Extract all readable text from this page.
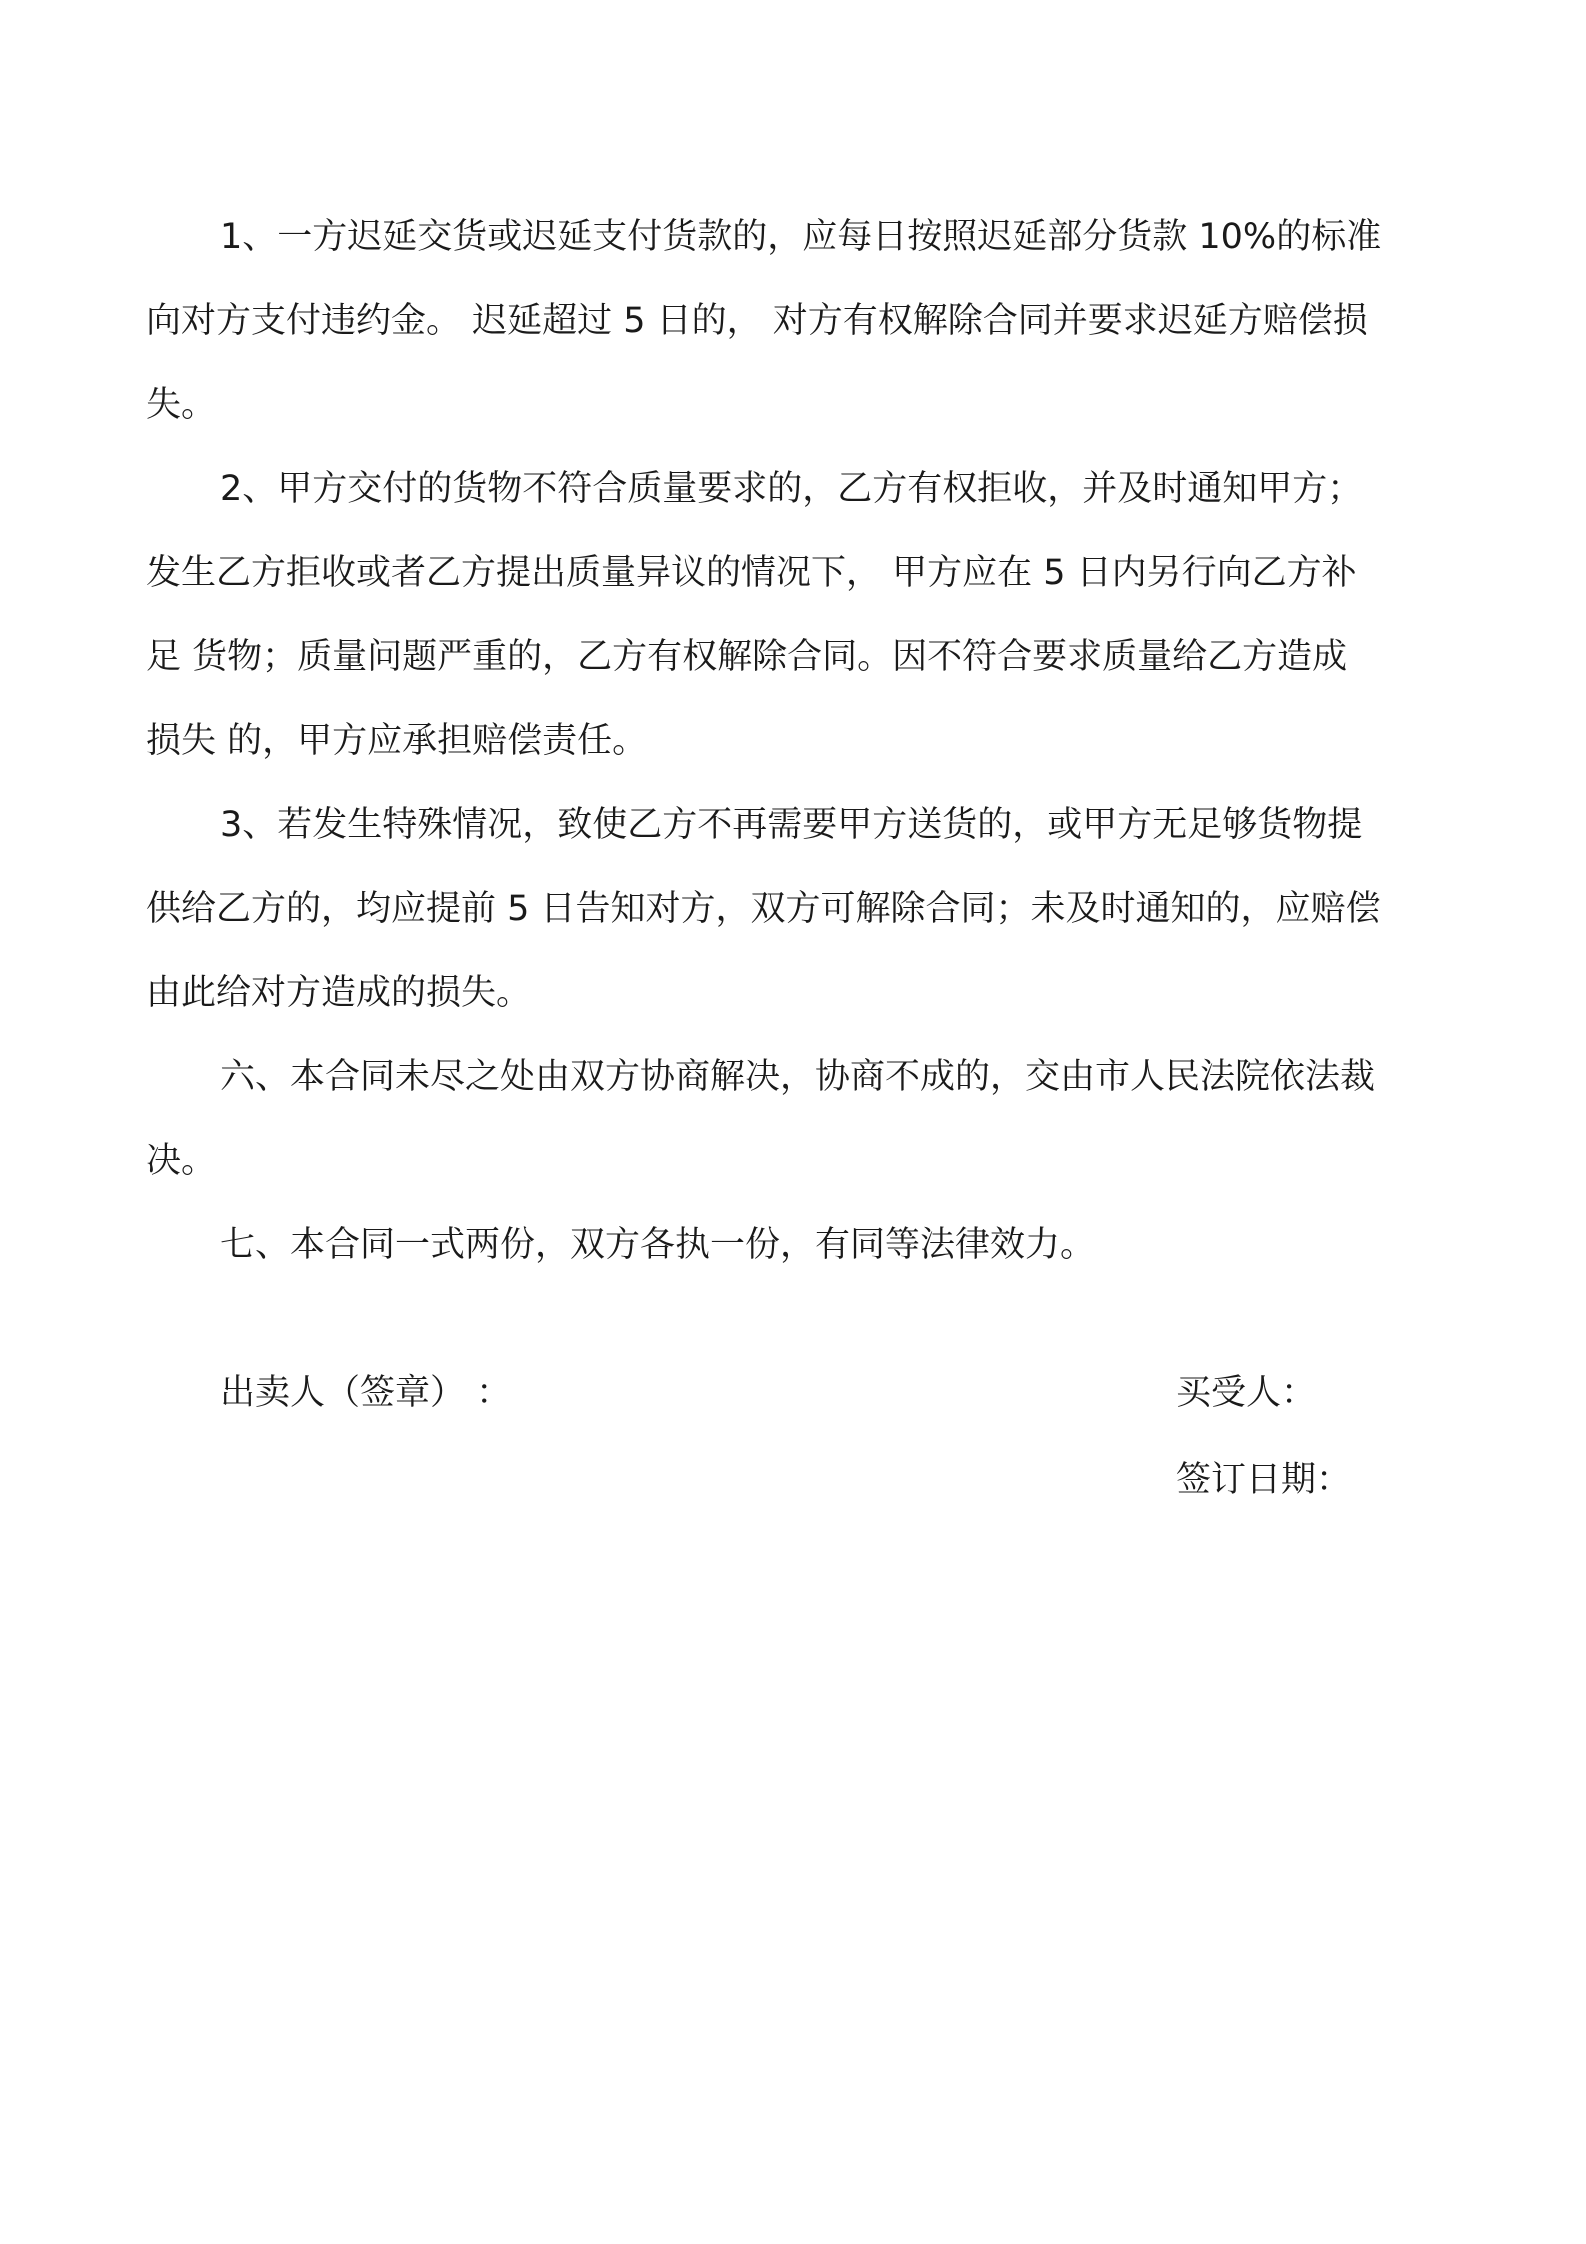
1、一方迟延交货或迟延支付货款的，应每日按照迟延部分货款 10%的标准
向对方支付违约金。 迟延超过 5 日的， 对方有权解除合同并要求迟延方赔偿损
失。
2、甲方交付的货物不符合质量要求的，乙方有权拒收，并及时通知甲方；
发生乙方拒收或者乙方提出质量异议的情况下， 甲方应在 5 日内另行向乙方补
足 货物；质量问题严重的，乙方有权解除合同。因不符合要求质量给乙方造成
损失 的，甲方应承担赔偿责任。
3、若发生特殊情况，致使乙方不再需要甲方送货的，或甲方无足够货物提
供给乙方的，均应提前 5 日告知对方，双方可解除合同；未及时通知的，应赔偿
由此给对方造成的损失。
六、本合同未尽之处由双方协商解决，协商不成的，交由市人民法院依法裁
决。
七、本合同一式两份，双方各执一份，有同等法律效力。
出卖人（签章） ：	买受人：
签订日期：
